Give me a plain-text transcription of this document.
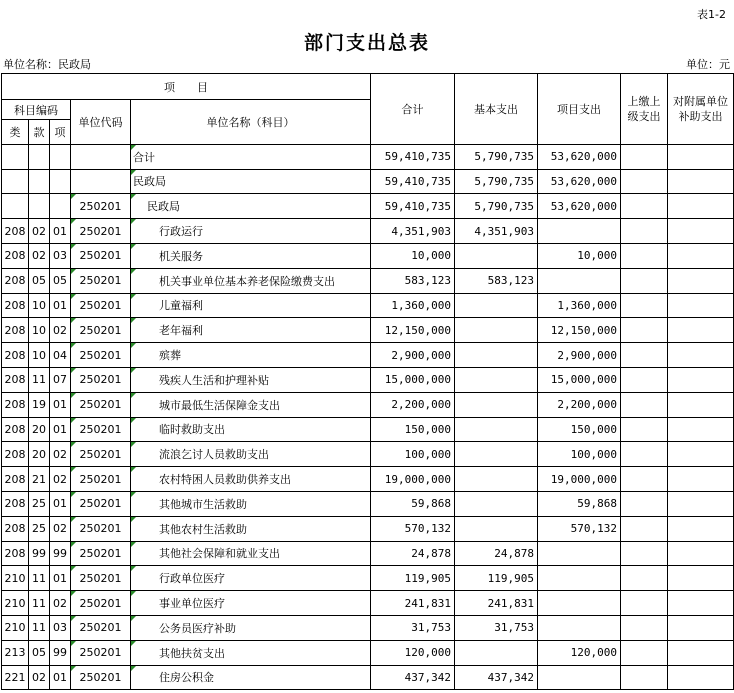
表1-2
部门支出总表
单位名称：民政局	单位：元
项　　目					合计	基本支出	项目支出	上缴上
级支出	对附属单位
补助支出
科目编码			单位代码	单位名称（科目）					
类	款	项							
				合计	59,410,735	5,790,735	53,620,000		
				民政局	59,410,735	5,790,735	53,620,000		
			250201	民政局	59,410,735	5,790,735	53,620,000		
208	02	01	250201	行政运行	4,351,903	4,351,903			
208	02	03	250201	机关服务	10,000		10,000		
208	05	05	250201	机关事业单位基本养老保险缴费支出	583,123	583,123			
208	10	01	250201	儿童福利	1,360,000		1,360,000		
208	10	02	250201	老年福利	12,150,000		12,150,000		
208	10	04	250201	殡葬	2,900,000		2,900,000		
208	11	07	250201	残疾人生活和护理补贴	15,000,000		15,000,000		
208	19	01	250201	城市最低生活保障金支出	2,200,000		2,200,000		
208	20	01	250201	临时救助支出	150,000		150,000		
208	20	02	250201	流浪乞讨人员救助支出	100,000		100,000		
208	21	02	250201	农村特困人员救助供养支出	19,000,000		19,000,000		
208	25	01	250201	其他城市生活救助	59,868		59,868		
208	25	02	250201	其他农村生活救助	570,132		570,132		
208	99	99	250201	其他社会保障和就业支出	24,878	24,878			
210	11	01	250201	行政单位医疗	119,905	119,905			
210	11	02	250201	事业单位医疗	241,831	241,831			
210	11	03	250201	公务员医疗补助	31,753	31,753			
213	05	99	250201	其他扶贫支出	120,000		120,000		
221	02	01	250201	住房公积金	437,342	437,342			
